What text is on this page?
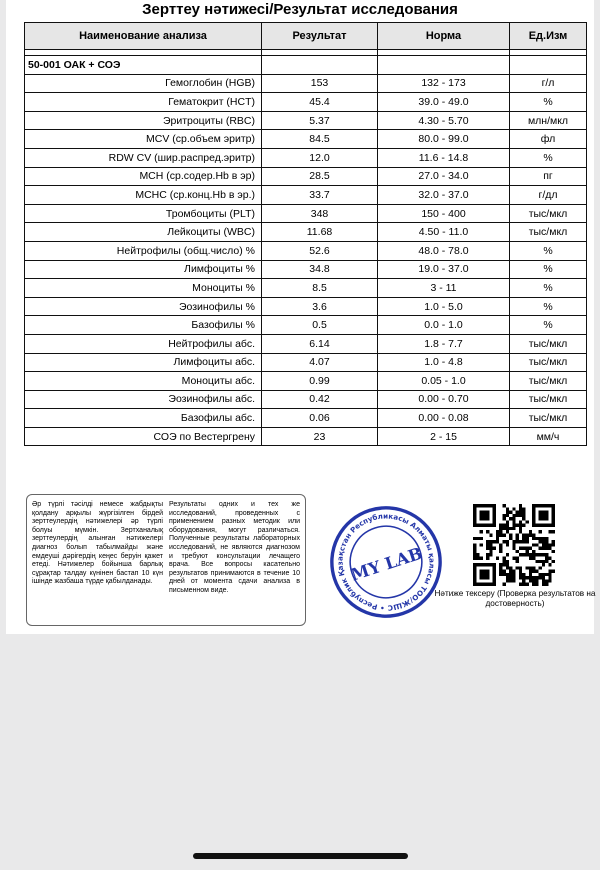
Зерттеу нәтижесі/Результат исследования
Наименование анализа	Результат	Норма	Ед.Изм

50-001 ОАК + СОЭ			
Гемоглобин (HGB)	153	132 - 173	г/л
Гематокрит (HCT)	45.4	39.0 - 49.0	%
Эритроциты (RBC)	5.37	4.30 - 5.70	млн/мкл
MCV (ср.объем эритр)	84.5	80.0 - 99.0	фл
RDW CV (шир.распред.эритр)	12.0	11.6 - 14.8	%
MCH (ср.содер.Hb в эр)	28.5	27.0 - 34.0	пг
MCHC (ср.конц.Hb в эр.)	33.7	32.0 - 37.0	г/дл
Тромбоциты (PLT)	348	150 - 400	тыс/мкл
Лейкоциты (WBC)	11.68	4.50 - 11.0	тыс/мкл
Нейтрофилы (общ.число) %	52.6	48.0 - 78.0	%
Лимфоциты %	34.8	19.0 - 37.0	%
Моноциты %	8.5	3 - 11	%
Эозинофилы %	3.6	1.0 - 5.0	%
Базофилы %	0.5	0.0 - 1.0	%
Нейтрофилы абс.	6.14	1.8 - 7.7	тыс/мкл
Лимфоциты абс.	4.07	1.0 - 4.8	тыс/мкл
Моноциты абс.	0.99	0.05 - 1.0	тыс/мкл
Эозинофилы абс.	0.42	0.00 - 0.70	тыс/мкл
Базофилы абс.	0.06	0.00 - 0.08	тыс/мкл
СОЭ по Вестергрену	23	2 - 15	мм/ч
Әр түрлі тәсілді немесе жабдықты қолдану арқылы жүргізілген бірдей зерттеулердің нәтижелері әр түрлі болуы мүмкін. Зертханалық зерттеулердің алынған нәтижелері диагноз болып табылмайды және емдеуші дәрігердің кеңес беруін қажет етеді. Нәтижелер бойынша барлық сұрақтар талдау күнінен бастап 10 күн ішінде жазбаша түрде қабылданады.
Результаты одних и тех же исследований, проведенных с применением разных методик или оборудования, могут различаться. Полученные результаты лабораторных исследований, не являются диагнозом и требуют консультации лечащего врача. Все вопросы касательно результатов принимаются в течение 10 дней от момента сдачи анализа в письменном виде.
Қазақстан Республикасы Алматы қаласы ТОО/ЖШС • Республика
MY LAB
Нәтиже тексеру (Проверка результатов на достоверность)
